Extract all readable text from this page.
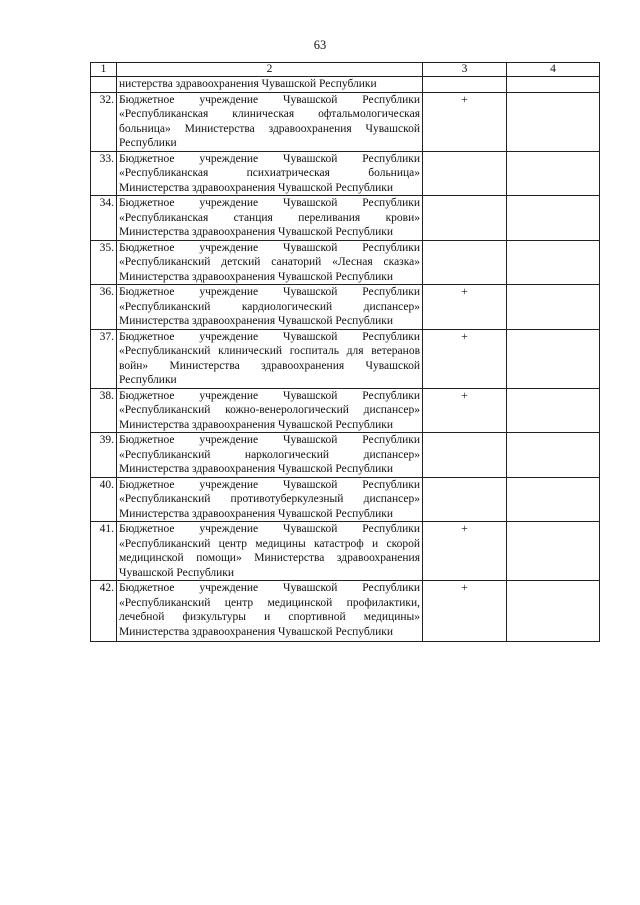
63
1	2	3	4
	нистерства здравоохранения Чувашской Республики		
32.	Бюджетное учреждение Чувашской Республики «Республиканская клиническая офтальмологическая больница» Министерства здравоохранения Чувашской Республики	+	
33.	Бюджетное учреждение Чувашской Республики «Республиканская психиатрическая больница» Министерства здравоохранения Чувашской Республики		
34.	Бюджетное учреждение Чувашской Республики «Республиканская станция переливания крови» Министерства здравоохранения Чувашской Республики		
35.	Бюджетное учреждение Чувашской Республики «Республиканский детский санаторий «Лесная сказка» Министерства здравоохранения Чувашской Республики		
36.	Бюджетное учреждение Чувашской Республики «Республиканский кардиологический диспансер» Министерства здравоохранения Чувашской Республики	+	
37.	Бюджетное учреждение Чувашской Республики «Республиканский клинический госпиталь для ветеранов войн» Министерства здравоохранения Чувашской Республики	+	
38.	Бюджетное учреждение Чувашской Республики «Республиканский кожно-венерологический диспансер» Министерства здравоохранения Чувашской Республики	+	
39.	Бюджетное учреждение Чувашской Республики «Республиканский наркологический диспансер» Министерства здравоохранения Чувашской Республики		
40.	Бюджетное учреждение Чувашской Республики «Республиканский противотуберкулезный диспансер» Министерства здравоохранения Чувашской Республики		
41.	Бюджетное учреждение Чувашской Республики «Республиканский центр медицины катастроф и скорой медицинской помощи» Министерства здравоохранения Чувашской Республики	+	
42.	Бюджетное учреждение Чувашской Республики «Республиканский центр медицинской профилактики, лечебной физкультуры и спортивной медицины» Министерства здравоохранения Чувашской Республики	+	
